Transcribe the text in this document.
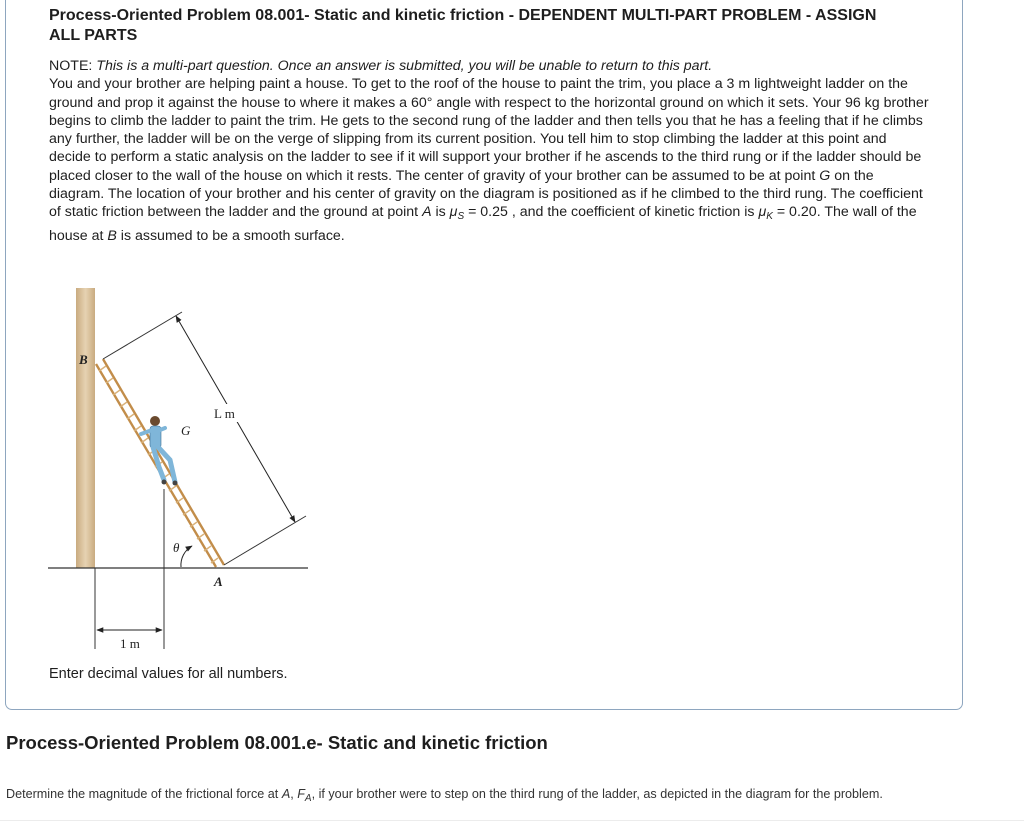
Process-Oriented Problem 08.001- Static and kinetic friction - DEPENDENT MULTI-PART PROBLEM - ASSIGN ALL PARTS

NOTE: This is a multi-part question. Once an answer is submitted, you will be unable to return to this part.

You and your brother are helping paint a house. To get to the roof of the house to paint the trim, you place a 3 m lightweight ladder on the ground and prop it against the house to where it makes a 60° angle with respect to the horizontal ground on which it sets. Your 96 kg brother begins to climb the ladder to paint the trim. He gets to the second rung of the ladder and then tells you that he has a feeling that if he climbs any further, the ladder will be on the verge of slipping from its current position. You tell him to stop climbing the ladder at this point and decide to perform a static analysis on the ladder to see if it will support your brother if he ascends to the third rung or if the ladder should be placed closer to the wall of the house on which it rests. The center of gravity of your brother can be assumed to be at point G on the diagram. The location of your brother and his center of gravity on the diagram is positioned as if he climbed to the third rung. The coefficient of static friction between the ladder and the ground at point A is $\mu_S = 0.25$ , and the coefficient of kinetic friction is $\mu_K = 0.20$. The wall of the house at B is assumed to be a smooth surface.

B
G
L m
θ
A
1 m
Enter decimal values for all numbers.
Process-Oriented Problem 08.001.e- Static and kinetic friction
Determine the magnitude of the frictional force at A, $F_A$, if your brother were to step on the third rung of the ladder, as depicted in the diagram for the problem.
